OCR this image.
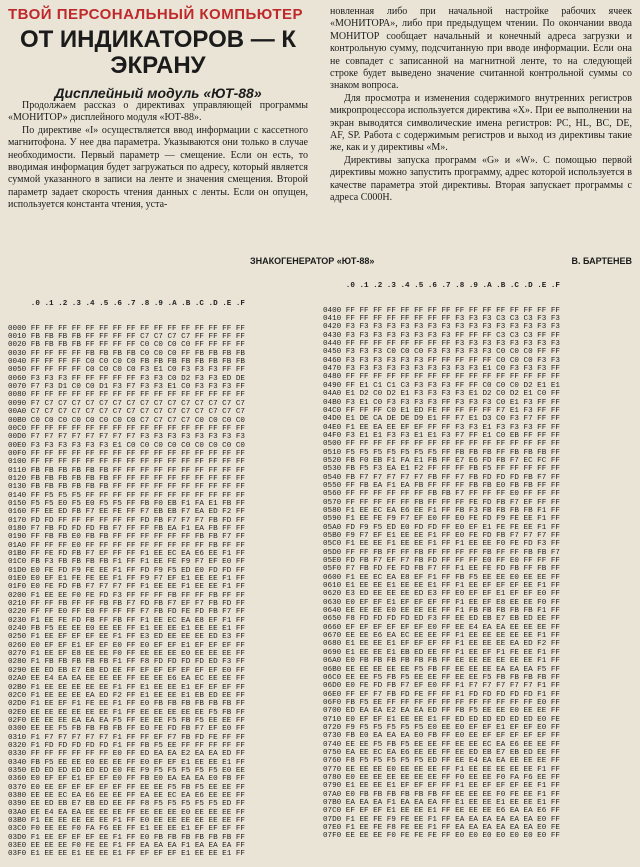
ТВОЙ ПЕРСОНАЛЬНЫЙ КОМПЬЮТЕР
ОТ ИНДИКАТОРОВ — К ЭКРАНУ
Дисплейный модуль «ЮТ-88»

Продолжаем рассказ о директивах управляющей программы «МОНИТОР» дисплейного модуля «ЮТ-88».

По директиве «I» осуществляется ввод информации с кассетного магнитофона. У нее два параметра. Указываются они только в случае необходимости. Первый параметр — смещение. Если он есть, то вводимая информация будет загружаться по адресу, который является суммой указанного в записи на ленте и значения смещения. Второй параметр задает скорость чтения данных с ленты. Если он опущен, используется константа чтения, уста-

новленная либо при начальной настройке рабочих ячеек «МОНИТОРА», либо при предыдущем чтении. По окончании ввода МОНИТОР сообщает начальный и конечный адреса загрузки и контрольную сумму, подсчитанную при вводе информации. Если она не совпадет с записанной на магнитной ленте, то на следующей строке будет выведено значение считанной контрольной суммы со знаком вопроса.

Для просмотра и изменения содержимого внутренних регистров микропроцессора используется директива «X». При ее выполнении на экран выводятся символические имена регистров: PC, HL, BC, DE, AF, SP. Работа с содержимым регистров и выход из директивы такие же, как и у директивы «М».

Директивы запуска программ «G» и «W». С помощью первой директивы можно запустить программу, адрес которой используется в качестве параметра этой директивы. Вторая запускает программы с адреса C000H.

ЗНАКОГЕНЕРАТОР «ЮТ-88»	В. БАРТЕНЕВ

.0 .1 .2 .3 .4 .5 .6 .7 .8 .9 .A .B .C .D .E .F

0000 FF FF FF FF FF FF FF FF FF FF FF FF FF FF FF FF
0010 FB FB FB FB FF FF FF FF C7 C7 C7 C7 FF FF FF FF
0020 FB FB FB FB FF FF FF FF C0 C0 C0 C0 FF FF FF FF
0030 FF FF FF FF FB FB FB FB C0 C0 C0 FF FB FB FB FB
0040 FF FF FF FF C0 C0 C0 C0 FB FB FB FB FB FB FB FB
0050 FF FF FF FF C0 C0 C0 C0 F3 E1 C0 F3 F3 F3 FF FF
0060 F3 F3 F3 FF FF FF FF FF F3 F3 C0 D2 F3 F3 ED DE
0070 F7 F3 D1 C0 C0 D1 F3 F7 F3 F3 E1 C0 F3 F3 F3 FF
0080 FF FF FF FF FF FF FF FF FF FF FF FF FF FF FF FF
0090 F7 C7 C7 C7 C7 C7 C7 C7 C7 C7 C7 C7 C7 C7 C7 C7
00A0 C7 C7 C7 C7 C7 C7 C7 C7 C7 C7 C7 C7 C7 C7 C7 C7
00B0 C0 C0 C0 C0 C0 C0 C0 C0 C7 C7 C7 C7 C0 C0 C0 C0
00C0 FF FF FF FF FF FF FF FF FF FF FF FF FF FF FF FF
00D0 F7 F7 F7 F7 F7 F7 F7 F7 F3 F3 F3 F3 F3 F3 F3 F3
00E0 F3 F3 F3 F3 F3 F3 E1 C0 C0 C0 C0 C0 C0 C0 C0 C0
00F0 FF FF FF FF FF FF FF FF FF FF FF FF FF FF FF FF
0100 FF FF FF FF FF FF FF FF FF FF FF FF FF FF FF FF
0110 FB FB FB FB FB FB FF FF FF FF FF FF FF FF FF FF
0120 FB FB FB FB FB FB FF FF FF FF FF FF FF FF FF FF
0130 FB FB FB FB FB FB FF FF FF FF FF FF FF FF FF FF
0140 FF F5 F5 F5 FF FF FF FF FF FF FF FF FF FF FF FF
0150 F5 F5 E0 F5 E0 F5 F5 FF FB F0 EB F1 FA E1 FB FF
0160 FF EE ED FB F7 EE FE FF F7 EB EB F7 EA ED F2 FF
0170 FD FD FF FF FF FF FF FF FD FB F7 F7 F7 FB FD FF
0180 F7 FB FD FD FD FB F7 FF FF FB EA F1 EA FB FF FF
0190 FF FB FB E0 FB FB FF FF FF FF FF FF FB FB F7 FF
01A0 FF FF FF E0 FF FF FF FF FF FF FF FF FF FB FF FF
01B0 FF FE FD FB F7 EF FF FF F1 EE EC EA E6 EE F1 FF
01C0 FB F3 FB FB FB FB F1 FF F1 EE FE F9 F7 EF E0 FF
01D0 E0 FE FD F9 FE EE F1 FF FD F9 F5 ED E0 FD FD FF
01E0 E0 EF E1 FE FE EE F1 FF F9 F7 EF E1 EE EE F1 FF
01F0 E0 FE FD FB F7 F7 F7 FF F1 EE EE F1 EE EE F1 FF
0200 F1 EE EE F0 FE FD F3 FF FF FF FB FF FF FB FF FF
0210 FF FF FB FF FF FB FB F7 FD FB F7 EF F7 FB FD FF
0220 FF FF E0 FF E0 FF FF FF F7 FB FD FE FD FB F7 FF
0230 F1 EE FE FD FB FF FB FF F1 EE EC EA E8 EF F1 FF
0240 FB F5 EE EE E0 EE EE FF E1 EE EE E1 EE EE E1 FF
0250 F1 EE EF EF EF EE F1 FF E3 ED EE EE EE ED E3 FF
0260 E0 EF EF E1 EF EF E0 FF E0 EF EF E1 EF EF EF FF
0270 F1 EE EF E8 EE EE F0 FF EE EE EE E0 EE EE EE FF
0280 F1 FB FB FB FB FB F1 FF F8 FD FD FD FD ED F3 FF
0290 EE ED EB E7 EB ED EE FF EF EF EF EF EF EF E0 FF
02A0 EE E4 EA EA EE EE EE FF EE EE E6 EA EC EE EE FF
02B0 F1 EE EE EE EE EE F1 FF E1 EE EE E1 EF EF EF FF
02C0 F1 EE EE EE EA ED F2 FF E1 EE EE E1 EB ED EE FF
02D0 F1 EE EF F1 FE EE F1 FF E0 FB FB FB FB FB FB FF
02E0 EE EE EE EE EE EE F1 FF EE EE EE EE EE F5 FB FF
02F0 EE EE EE EA EA EA F5 FF EE EE F5 FB F5 EE EE FF
0300 EE EE F5 FB FB FB FB FF E0 FE FD FB F7 EF E0 FF
0310 F1 F7 F7 F7 F7 F7 F1 FF FF EF F7 FB FD FE FF FF
0320 F1 FD FD FD FD FD F1 FF FB F5 EE FF FF FF FF FF
0330 FF FF FF FF FF FF E0 FF ED EA EA E2 EA EA ED FF
0340 FB F5 EE EE E0 EE EE FF E0 EF EF E1 EE EE E1 FF
0350 ED ED ED ED ED ED E0 FE F9 F5 F5 F5 F5 F5 E0 EE
0360 E0 EF EF E1 EF EF E0 FF FB E0 EA EA EA E0 FB FF
0370 E0 EE EF EF EF EF EF FF EE EE F5 FB F5 EE EE FF
0380 EE EE EC EA E6 EE EE FF EA EE EC EA E6 EE EE FF
0390 EE ED EB E7 EB ED EE FF F8 F5 F5 F5 F5 F5 ED FF
03A0 EE E4 EA EA EE EE EE FF EE EE EE E0 EE EE EE FF
03B0 F1 EE EE EE EE EE F1 FF E0 EE EE EE EE EE EE FF
03C0 F0 EE EE F0 FA F6 EE FF E1 EE EE E1 EF EF EF FF
03D0 F1 EE EF EF EF EE F1 FF E0 FB FB FB FB FB FB FF
03E0 EE EE EE F0 FE EE F1 FF EA EA EA F1 EA EA EA FF
03F0 E1 EE EE E1 EE EE E1 FF EF EF EF E1 EE EE E1 FF

.0 .1 .2 .3 .4 .5 .6 .7 .8 .9 .A .B .C .D .E .F

0400 FF FF FF FF FF FF FF FF FF FF FF FF FF FF FF FF
0410 FF FF FF FF FF FF FF FF F3 F3 F3 C3 C3 C3 F3 F3
0420 F3 F3 F3 F3 F3 F3 F3 F3 F3 F3 F3 F3 F3 F3 F3 F3
0430 F3 F3 F3 F3 F3 F3 F3 F3 FF FF FF C3 C3 C3 FF FF
0440 FF FF FF FF FF FF FF FF F3 F3 F3 F3 F3 F3 F3 F3
0450 F3 F3 F3 C0 C0 C0 F3 F3 F3 F3 F3 C0 C0 C0 FF FF
0460 F3 F3 F3 F3 F3 F3 FF FF FF FF FF C0 C0 C0 F3 F3
0470 F3 F3 F3 F3 F3 F3 F3 F3 F3 F3 E1 C0 F3 F3 F3 FF
0480 FF FF FF FF FF FF FF FF FF FF FF FF FF FF FF FF
0490 FF E1 C1 C1 C3 F3 F3 F3 FF FF C0 C0 C0 D2 E1 E1
04A0 E1 D2 C0 D2 E1 F3 F3 F3 F3 E1 D2 C0 D2 E1 C0 FF
04B0 F3 E1 C0 F3 F3 F3 F3 FF F3 F3 F3 C0 E1 F3 FF FF
04C0 FF FF FF C0 E1 ED FE FF FF FF FF F7 E1 F3 FF FF
04D0 E1 DE CA DE DE D9 E1 FF F7 E1 D3 C0 F3 F7 FF FF
04E0 F1 EE EA EE EF EF FF FF F3 F3 E1 F3 F3 F3 FF FF
04F0 F3 E1 E1 F3 F3 E1 E1 F3 F7 FF E1 C0 EB FF FF FF
0500 FF FF FF FF FF FF FF FF FF FF FF FF FF FF FF FF
0510 F5 F5 F5 F5 F5 F5 F5 FF FB FB FB FF FB FB FB FF
0520 FB F0 EB F1 FA E1 FB FF E7 E6 FD FB F7 EC FC FF
0530 FB F5 F3 EA E1 F2 FF FF FF FB F5 FF FF FF FF FF
0540 FB F7 F7 F7 F7 F7 FB FF F7 FB FD FD FD FB F7 FF
0550 FF FB EA F1 EA FB FF FF FF FB FB E0 FB FB FF FF
0560 FF FF FF FF FF FF FB FB F7 FF FF FF E0 FF FF FF
0570 FF FF FF FF FF FB FF FF FF FE FD FB F7 EF FF FF
0580 F1 EE EC EA E6 EE F1 FF FB F3 FB FB FB FB F1 FF
0590 F1 EE FE F9 F7 EF E0 FF E0 FE FD F9 FE EE F1 FF
05A0 FD F9 F5 ED E0 FD FD FF E0 EF E1 FE FE EE F1 FF
05B0 F9 F7 EF E1 EE EE F1 FF E0 FE FD FB F7 F7 F7 FF
05C0 F1 EE EE F1 EE EE F1 FF F1 EE EE F0 FE FD F3 FF
05D0 FF FF FB FF FF FB FF FF FF FF FB FF FF FB FB F7
05E0 FD FB F7 EF F7 FB FD FF FF FF E0 FF E0 FF FF FF
05F0 F7 FB FD FE FD FB F7 FF F1 EE FE FD FB FF FB FF
0600 F1 EE EC EA E8 EF F1 FF FB F5 EE EE E0 EE EE FF
0610 E1 EE EE E1 EE EE E1 FF F1 EE EF EF EF EE F1 FF
0620 E3 ED EE EE EE ED E3 FF E0 EF EF E1 EF EF E0 FF
0630 E0 EF EF E1 EF EF EF FF F1 EE EF E8 EE EE F0 FF
0640 EE EE EE E0 EE EE EE FF F1 FB FB FB FB FB F1 FF
0650 F8 FD FD FD FD ED F3 FF EE ED EB E7 EB ED EE FF
0660 EF EF EF EF EF EF E0 FF EE E4 EA EA EE EE EE FF
0670 EE EE E6 EA EC EE EE FF F1 EE EE EE EE EE F1 FF
0680 E1 EE EE E1 EF EF EF FF F1 EE EE EE EA ED F2 FF
0690 E1 EE EE E1 EB ED EE FF F1 EE EF F1 FE EE F1 FF
06A0 E0 FB FB FB FB FB FB FF EE EE EE EE EE EE F1 FF
06B0 EE EE EE EE EE F5 FB FF EE EE EE EA EA EA F5 FF
06C0 EE EE F5 FB F5 EE EE FF EE EE F5 FB FB FB FB FF
06D0 E0 FE FD FB F7 EF E0 FF F1 F7 F7 F7 F7 F7 F1 FF
06E0 FF EF F7 FB FD FE FF FF F1 FD FD FD FD FD F1 FF
06F0 FB F5 EE FF FF FF FF FF FF FF FF FF FF FF E0 FF
0700 ED EA EA E2 EA EA ED FF FB F5 EE EE E0 EE EE FF
0710 E0 EF EF E1 EE EE E1 FF ED ED ED ED ED ED E0 FE
0720 F9 F5 F5 F5 F5 F5 E0 EE E0 EF EF E1 EF EF E0 FF
0730 FB E0 EA EA EA E0 FB FF E0 EE EF EF EF EF EF FF
0740 EE EE F5 FB F5 EE EE FF EE EE EC EA E6 EE EE FF
0750 EA EE EC EA E6 EE EE FF EE ED EB E7 EB ED EE FF
0760 F8 F5 F5 F5 F5 F5 ED FF EE E4 EA EA EE EE EE FF
0770 EE EE EE E0 EE EE EE FF F1 EE EE EE EE EE F1 FF
0780 E0 EE EE EE EE EE EE FF F0 EE EE F0 FA F6 EE FF
0790 E1 EE EE E1 EF EF EF FF F1 EE EF EF EF EE F1 FF
07A0 E0 FB FB FB FB FB FB FF EE EE EE F0 FE EE F1 FF
07B0 EA EA EA F1 EA EA EA FF E1 EE EE E1 EE EE E1 FF
07C0 EF EF EF E1 EE EE E1 FF EE EE EE E6 EA EA E6 FF
07D0 F1 EE FE F9 FE EE F1 FF EA EA EA EA EA EA E0 FF
07E0 F1 EE FE F8 FE EE F1 FF EA EA EA EA EA EA E0 FE
07F0 EE EE EE F0 FE FE FE FF E0 E0 E0 E0 E0 E0 E0 FF
